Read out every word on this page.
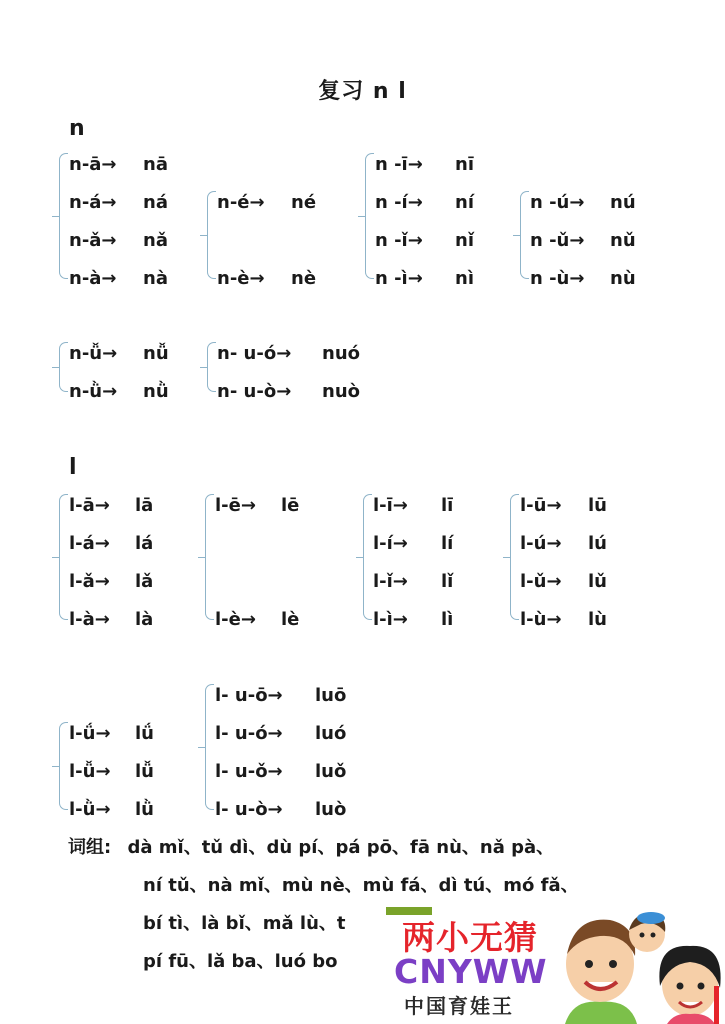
复习 n l
n
n-ā→ nā
n-á→ ná
n-ǎ→ nǎ
n-à→ nà
n-é→ né
n-è→ nè
n -ī→ nī
n -í→ ní
n -ǐ→ nǐ
n -ì→ nì
n -ú→ nú
n -ǔ→ nǔ
n -ù→ nù
n-ǚ→ nǚ
n-ǜ→ nǜ
n- u-ó→ nuó
n- u-ò→ nuò
l
l-ā→ lā
l-á→ lá
l-ǎ→ lǎ
l-à→ là
l-ē→ lē
l-è→ lè
l-ī→ lī
l-í→ lí
l-ǐ→ lǐ
l-ì→ lì
l-ū→ lū
l-ú→ lú
l-ǔ→ lǔ
l-ù→ lù
l-ǘ→ lǘ
l-ǚ→ lǚ
l-ǜ→ lǜ
l- u-ō→ luō
l- u-ó→ luó
l- u-ǒ→ luǒ
l- u-ò→ luò
词组: dà mǐ、tǔ dì、dù pí、pá pō、fā nù、nǎ pà、
ní tǔ、nà mǐ、mù nè、mù fá、dì tú、mó fǎ、
bí tì、là bǐ、mǎ lù、t
pí fū、lǎ ba、luó bo
两小无猜
CNYWW
中国育娃王
